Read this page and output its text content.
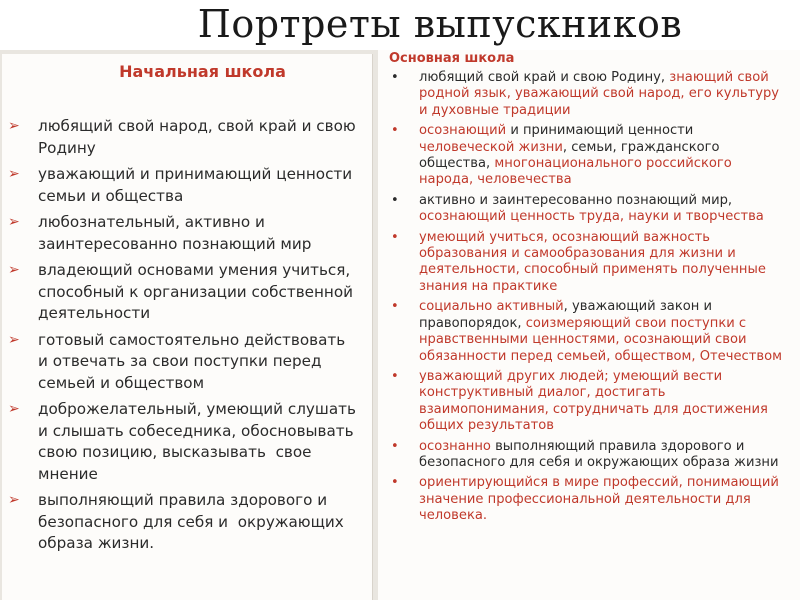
Портреты выпускников
Начальная школа
➢ любящий свой народ, свой край и свою Родину
➢ уважающий и принимающий ценности семьи и общества
➢ любознательный, активно и заинтересованно познающий мир
➢ владеющий основами умения учиться, способный к организации собственной деятельности
➢ готовый самостоятельно действовать и отвечать за свои поступки перед семьей и обществом
➢ доброжелательный, умеющий слушать и слышать собеседника, обосновывать    свою позицию, высказывать  свое мнение
➢ выполняющий правила здорового и безопасного для себя и  окружающих образа жизни.
Основная школа
• любящий свой край и свою Родину, знающий свой родной язык, уважающий свой народ, его культуру и духовные традиции
• осознающий и принимающий ценности человеческой жизни, семьи, гражданского общества, многонационального российского народа, человечества
• активно и заинтересованно познающий мир, осознающий ценность труда, науки и творчества
• умеющий учиться, осознающий важность образования и самообразования для жизни и деятельности, способный применять полученные знания на практике
• социально активный, уважающий закон и правопорядок, соизмеряющий свои поступки с нравственными ценностями, осознающий свои обязанности перед семьей, обществом, Отечеством
• уважающий других людей; умеющий вести конструктивный диалог, достигать взаимопонимания, сотрудничать для достижения общих результатов
• осознанно выполняющий правила здорового и безопасного для себя и окружающих образа жизни
• ориентирующийся в мире профессий, понимающий значение профессиональной деятельности для человека.
